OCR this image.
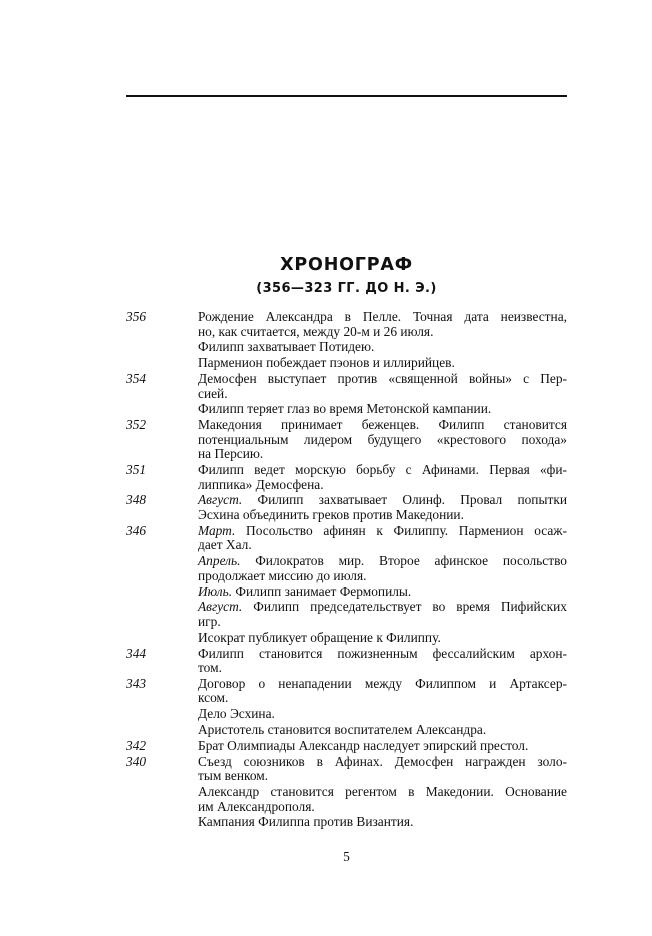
ХРОНОГРАФ
(356—323 ГГ. ДО Н. Э.)
356	Рождение Александра в Пелле. Точная дата неизвестна,
но, как считается, между 20-м и 26 июля.
Филипп захватывает Потидею.
Парменион побеждает пэонов и иллирийцев.
354	Демосфен выступает против «священной войны» с Пер-
сией.
Филипп теряет глаз во время Метонской кампании.
352	Македония принимает беженцев. Филипп становится
потенциальным лидером будущего «крестового похода»
на Персию.
351	Филипп ведет морскую борьбу с Афинами. Первая «фи-
липпика» Демосфена.
348	Август. Филипп захватывает Олинф. Провал попытки
Эсхина объединить греков против Македонии.
346	Март. Посольство афинян к Филиппу. Парменион осаж-
дает Хал.
Апрель. Филократов мир. Второе афинское посольство
продолжает миссию до июля.
Июль. Филипп занимает Фермопилы.
Август. Филипп председательствует во время Пифийских
игр.
Исократ публикует обращение к Филиппу.
344	Филипп становится пожизненным фессалийским архон-
том.
343	Договор о ненападении между Филиппом и Артаксер-
ксом.
Дело Эсхина.
Аристотель становится воспитателем Александра.
342	Брат Олимпиады Александр наследует эпирский престол.
340	Съезд союзников в Афинах. Демосфен награжден золо-
тым венком.
Александр становится регентом в Македонии. Основание
им Александрополя.
Кампания Филиппа против Византия.
5
